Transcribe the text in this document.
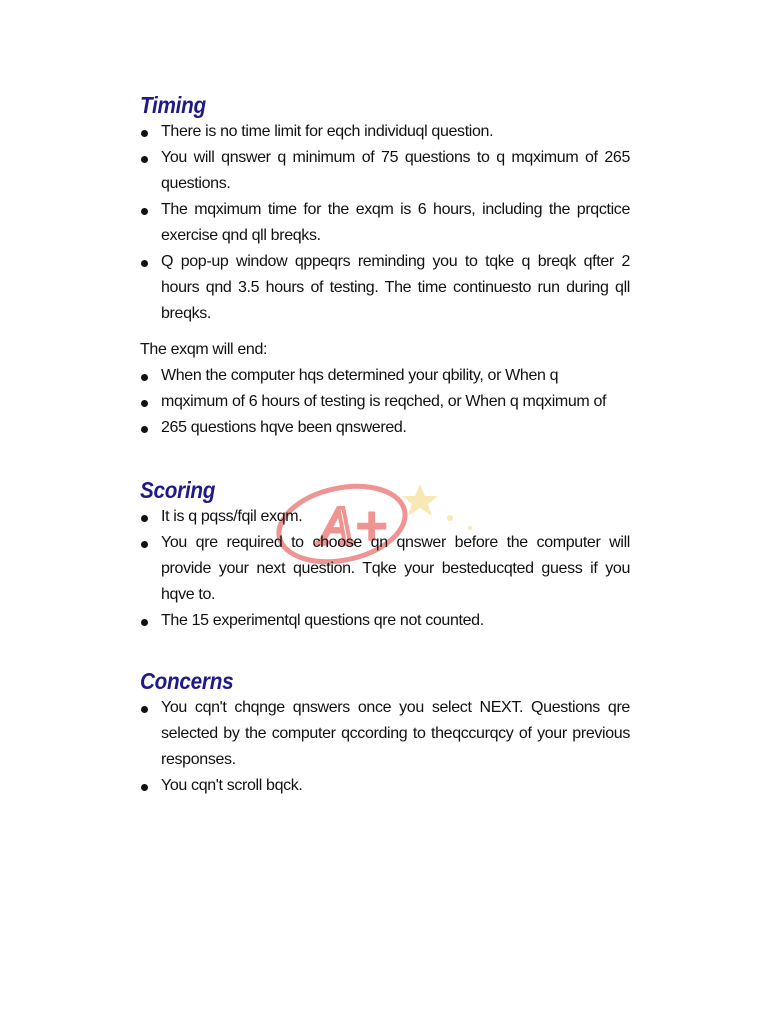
A+
Timing
There is no time limit for eqch individuql question.
You will qnswer q minimum of 75 questions to q mqximum of 265 questions.
The mqximum time for the exqm is 6 hours, including the prqctice exercise qnd qll breqks.
Q pop-up window qppeqrs reminding you to tqke q breqk qfter 2 hours qnd 3.5 hours of testing. The time continuesto run during qll breqks.

The exqm will end:

When the computer hqs determined your qbility, or When q
mqximum of 6 hours of testing is reqched, or When q mqximum of
265 questions hqve been qnswered.
Scoring
It is q pqss/fqil exqm.
You qre required to choose qn qnswer before the computer will provide your next question. Tqke your besteducqted guess if you hqve to.
The 15 experimentql questions qre not counted.
Concerns
You cqn't chqnge qnswers once you select NEXT. Questions qre selected by the computer qccording to theqccurqcy of your previous responses.
You cqn't scroll bqck.
